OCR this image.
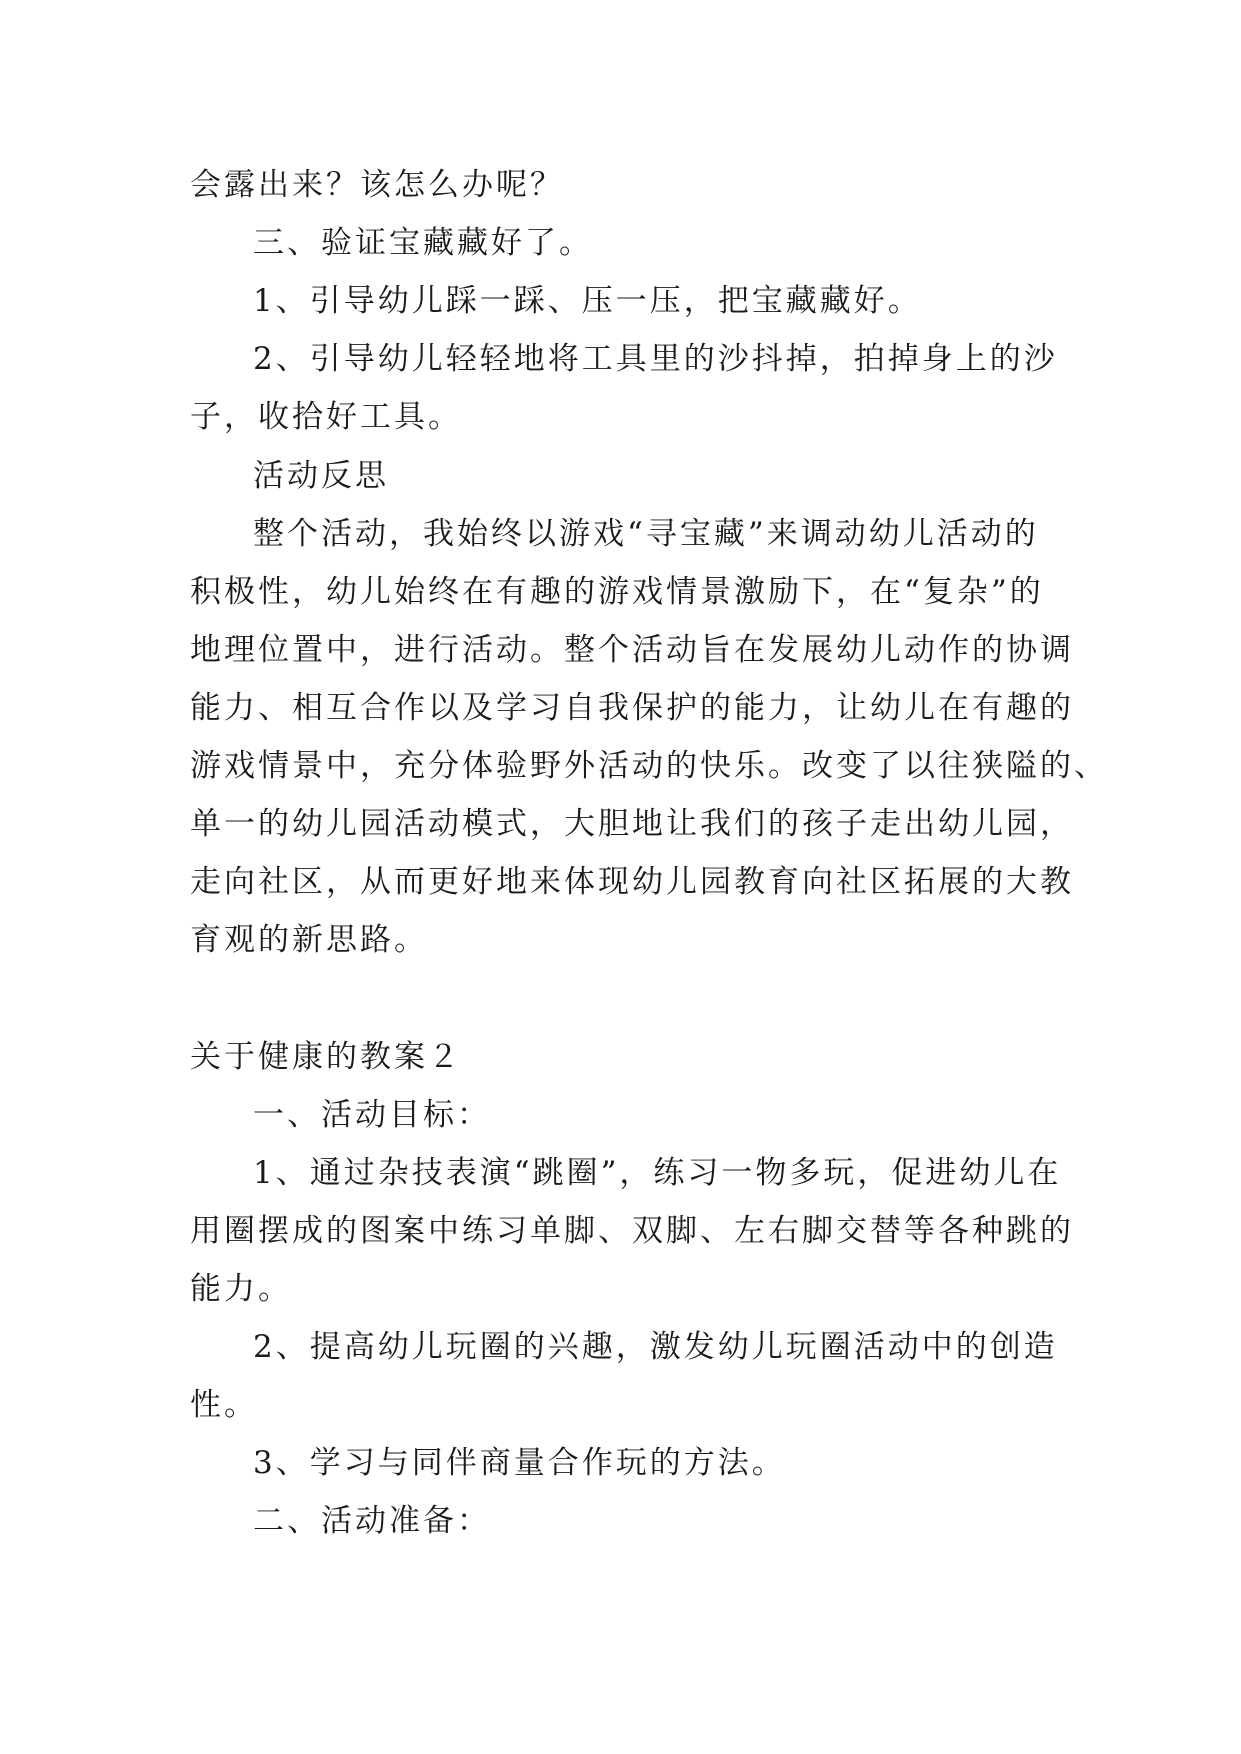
会露出来？该怎么办呢？
三、验证宝藏藏好了。
1、引导幼儿踩一踩、压一压，把宝藏藏好。
2、引导幼儿轻轻地将工具里的沙抖掉，拍掉身上的沙
子，收拾好工具。
活动反思
整个活动，我始终以游戏“寻宝藏”来调动幼儿活动的
积极性，幼儿始终在有趣的游戏情景激励下，在“复杂”的
地理位置中，进行活动。整个活动旨在发展幼儿动作的协调
能力、相互合作以及学习自我保护的能力，让幼儿在有趣的
游戏情景中，充分体验野外活动的快乐。改变了以往狭隘的、
单一的幼儿园活动模式，大胆地让我们的孩子走出幼儿园，
走向社区，从而更好地来体现幼儿园教育向社区拓展的大教
育观的新思路。
关于健康的教案２
一、活动目标：
1、通过杂技表演“跳圈”，练习一物多玩，促进幼儿在
用圈摆成的图案中练习单脚、双脚、左右脚交替等各种跳的
能力。
2、提高幼儿玩圈的兴趣，激发幼儿玩圈活动中的创造
性。
3、学习与同伴商量合作玩的方法。
二、活动准备：
